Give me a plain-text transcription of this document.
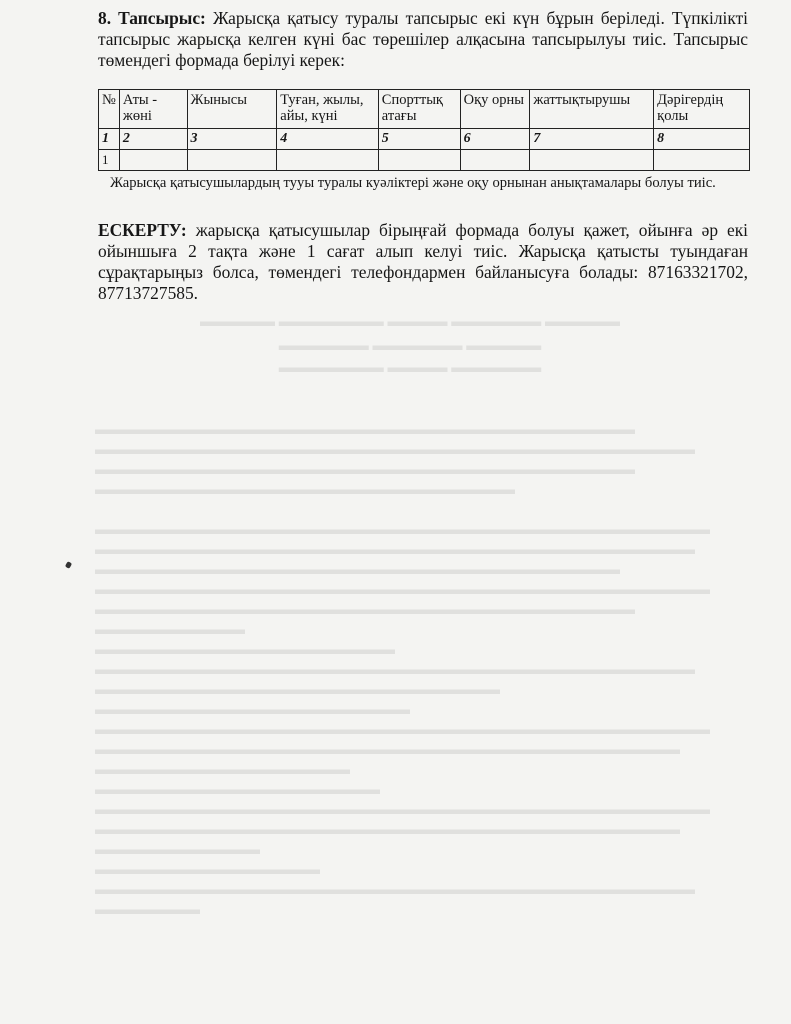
▬▬▬▬▬ ▬▬▬▬▬▬▬ ▬▬▬▬ ▬▬▬▬▬▬ ▬▬▬▬▬
▬▬▬▬▬▬ ▬▬▬▬▬▬ ▬▬▬▬▬
▬▬▬▬▬▬▬ ▬▬▬▬ ▬▬▬▬▬▬
▬▬▬▬▬▬▬▬▬▬▬▬▬▬▬▬▬▬▬▬▬▬▬▬▬▬▬▬▬▬▬▬▬▬▬▬
▬▬▬▬▬▬▬▬▬▬▬▬▬▬▬▬▬▬▬▬▬▬▬▬▬▬▬▬▬▬▬▬▬▬▬▬▬▬▬▬
▬▬▬▬▬▬▬▬▬▬▬▬▬▬▬▬▬▬▬▬▬▬▬▬▬▬▬▬▬▬▬▬▬▬▬▬
▬▬▬▬▬▬▬▬▬▬▬▬▬▬▬▬▬▬▬▬▬▬▬▬▬▬▬▬

▬▬▬▬▬▬▬▬▬▬▬▬▬▬▬▬▬▬▬▬▬▬▬▬▬▬▬▬▬▬▬▬▬▬▬▬▬▬▬▬▬
▬▬▬▬▬▬▬▬▬▬▬▬▬▬▬▬▬▬▬▬▬▬▬▬▬▬▬▬▬▬▬▬▬▬▬▬▬▬▬▬
▬▬▬▬▬▬▬▬▬▬▬▬▬▬▬▬▬▬▬▬▬▬▬▬▬▬▬▬▬▬▬▬▬▬▬
▬▬▬▬▬▬▬▬▬▬▬▬▬▬▬▬▬▬▬▬▬▬▬▬▬▬▬▬▬▬▬▬▬▬▬▬▬▬▬▬▬
▬▬▬▬▬▬▬▬▬▬▬▬▬▬▬▬▬▬▬▬▬▬▬▬▬▬▬▬▬▬▬▬▬▬▬▬
▬▬▬▬▬▬▬▬▬▬
▬▬▬▬▬▬▬▬▬▬▬▬▬▬▬▬▬▬▬▬
▬▬▬▬▬▬▬▬▬▬▬▬▬▬▬▬▬▬▬▬▬▬▬▬▬▬▬▬▬▬▬▬▬▬▬▬▬▬▬▬
▬▬▬▬▬▬▬▬▬▬▬▬▬▬▬▬▬▬▬▬▬▬▬▬▬▬▬
▬▬▬▬▬▬▬▬▬▬▬▬▬▬▬▬▬▬▬▬▬
▬▬▬▬▬▬▬▬▬▬▬▬▬▬▬▬▬▬▬▬▬▬▬▬▬▬▬▬▬▬▬▬▬▬▬▬▬▬▬▬▬
▬▬▬▬▬▬▬▬▬▬▬▬▬▬▬▬▬▬▬▬▬▬▬▬▬▬▬▬▬▬▬▬▬▬▬▬▬▬▬
▬▬▬▬▬▬▬▬▬▬▬▬▬▬▬▬▬
▬▬▬▬▬▬▬▬▬▬▬▬▬▬▬▬▬▬▬
▬▬▬▬▬▬▬▬▬▬▬▬▬▬▬▬▬▬▬▬▬▬▬▬▬▬▬▬▬▬▬▬▬▬▬▬▬▬▬▬▬
▬▬▬▬▬▬▬▬▬▬▬▬▬▬▬▬▬▬▬▬▬▬▬▬▬▬▬▬▬▬▬▬▬▬▬▬▬▬▬
▬▬▬▬▬▬▬▬▬▬▬
▬▬▬▬▬▬▬▬▬▬▬▬▬▬▬
▬▬▬▬▬▬▬▬▬▬▬▬▬▬▬▬▬▬▬▬▬▬▬▬▬▬▬▬▬▬▬▬▬▬▬▬▬▬▬▬
▬▬▬▬▬▬▬
8. Тапсырыс: Жарысқа қатысу туралы тапсырыс екі күн бұрын беріледі. Түпкілікті тапсырыс жарысқа келген күні бас төрешілер алқасына тапсырылуы тиіс. Тапсырыс төмендегі формада берілуі керек:
№	Аты - жөні	Жынысы	Туған, жылы, айы, күні	Спорттық атағы	Оқу орны	жаттықтырушы	Дәрігердің қолы
1	2	3	4	5	6	7	8
1							
Жарысқа қатысушылардың тууы туралы куәліктері және оқу орнынан анықтамалары болуы тиіс.
ЕСКЕРТУ: жарысқа қатысушылар бірыңғай формада болуы қажет, ойынға әр екі ойыншыға 2 тақта және 1 сағат алып келуі тиіс. Жарысқа қатысты туындаған сұрақтарыңыз болса, төмендегі телефондармен байланысуға болады: 87163321702, 87713727585.
